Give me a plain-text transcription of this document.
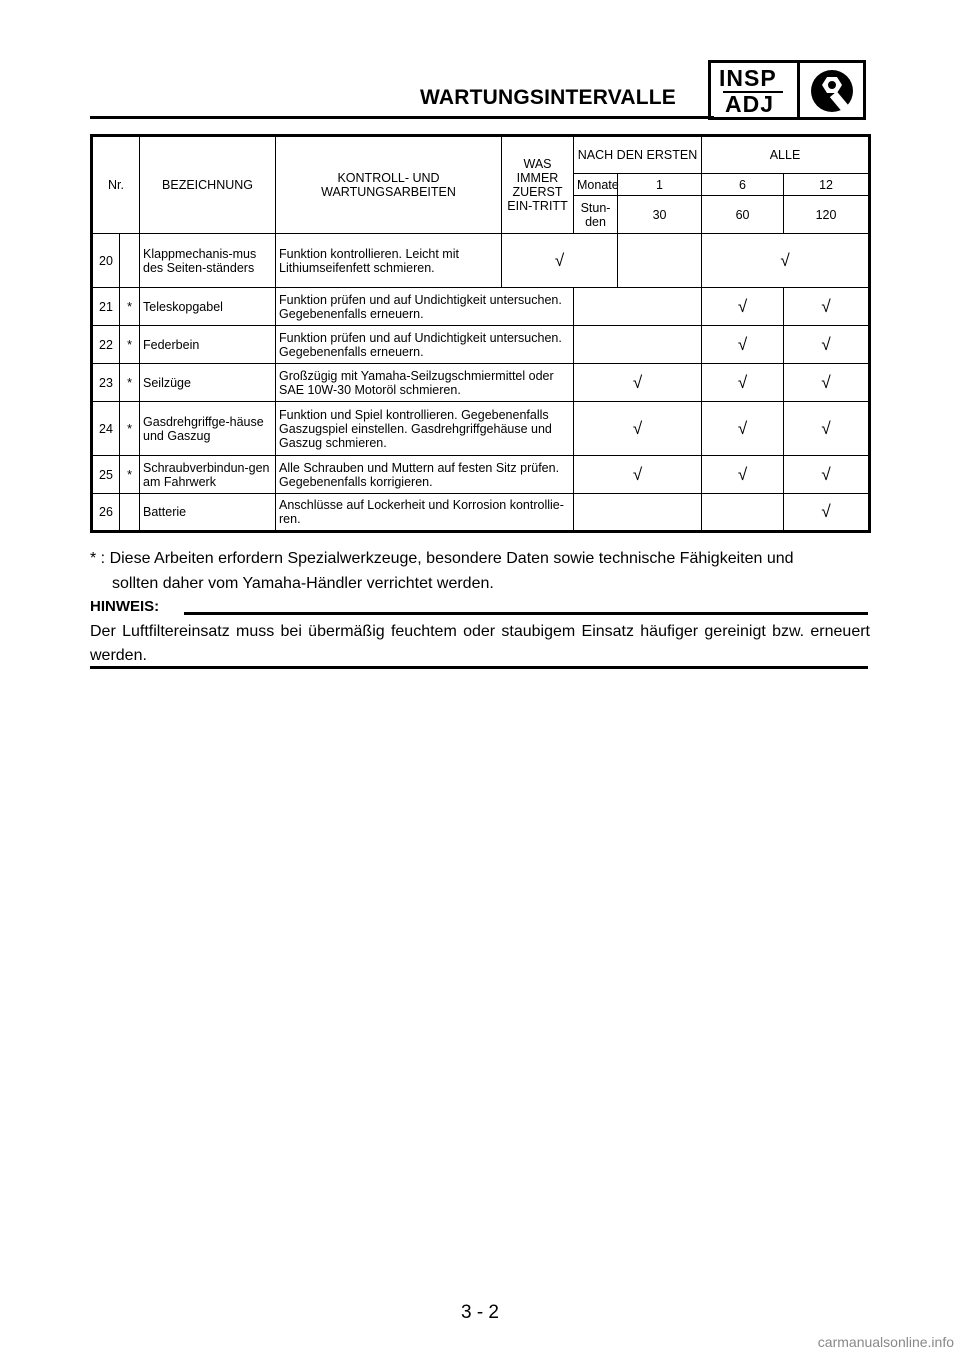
WARTUNGSINTERVALLE
INSP
ADJ
Nr.		BEZEICHNUNG	KONTROLL- UND WARTUNGSARBEITEN	WAS IMMER ZUERST EIN-TRITT	NACH DEN ERSTEN		ALLE	
					Monate	1	6	12
					Stun-den	30	60	120
20		Klappmechanis-mus des Seiten-ständers	Funktion kontrollieren. Leicht mit Lithiumseifenfett schmieren.	√			√	
21	*	Teleskopgabel	Funktion prüfen und auf Undichtigkeit untersuchen. Gegebenenfalls erneuern.				√	√
22	*	Federbein	Funktion prüfen und auf Undichtigkeit untersuchen. Gegebenenfalls erneuern.				√	√
23	*	Seilzüge	Großzügig mit Yamaha-Seilzugschmiermittel oder SAE 10W-30 Motoröl schmieren.		√		√	√
24	*	Gasdrehgriffge-häuse und Gaszug	Funktion und Spiel kontrollieren. Gegebenenfalls Gaszugspiel einstellen. Gasdrehgriffgehäuse und Gaszug schmieren.		√		√	√
25	*	Schraubverbindun-gen am Fahrwerk	Alle Schrauben und Muttern auf festen Sitz prüfen. Gegebenenfalls korrigieren.		√		√	√
26		Batterie	Anschlüsse auf Lockerheit und Korrosion kontrollie-ren.					√
* : Diese Arbeiten erfordern Spezialwerkzeuge, besondere Daten sowie technische Fähigkeiten und
sollten daher vom Yamaha-Händler verrichtet werden.
HINWEIS:
Der Luftfiltereinsatz muss bei übermäßig feuchtem oder staubigem Einsatz häufiger gereinigt bzw. erneuert werden.
3 - 2
carmanualsonline.info
